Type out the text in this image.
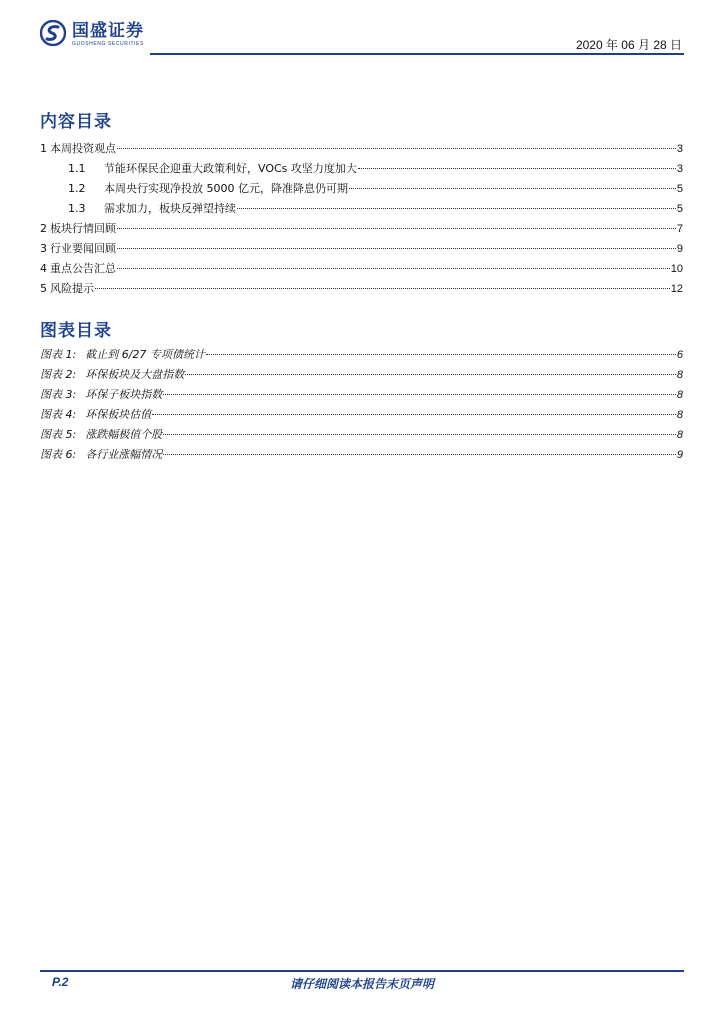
国盛证券
GUOSHENG SECURITIES	2020 年 06 月 28 日
内容目录
1 本周投资观点	3
1.1	节能环保民企迎重大政策利好，VOCs 攻坚力度加大	3
1.2	本周央行实现净投放 5000 亿元，降准降息仍可期	5
1.3	需求加力，板块反弹望持续	5
2 板块行情回顾	7
3 行业要闻回顾	9
4 重点公告汇总	10
5 风险提示	12
图表目录
图表 1: 截止到 6/27 专项债统计	6
图表 2: 环保板块及大盘指数	8
图表 3: 环保子板块指数	8
图表 4: 环保板块估值	8
图表 5: 涨跌幅极值个股	8
图表 6: 各行业涨幅情况	9
P.2	请仔细阅读本报告末页声明
